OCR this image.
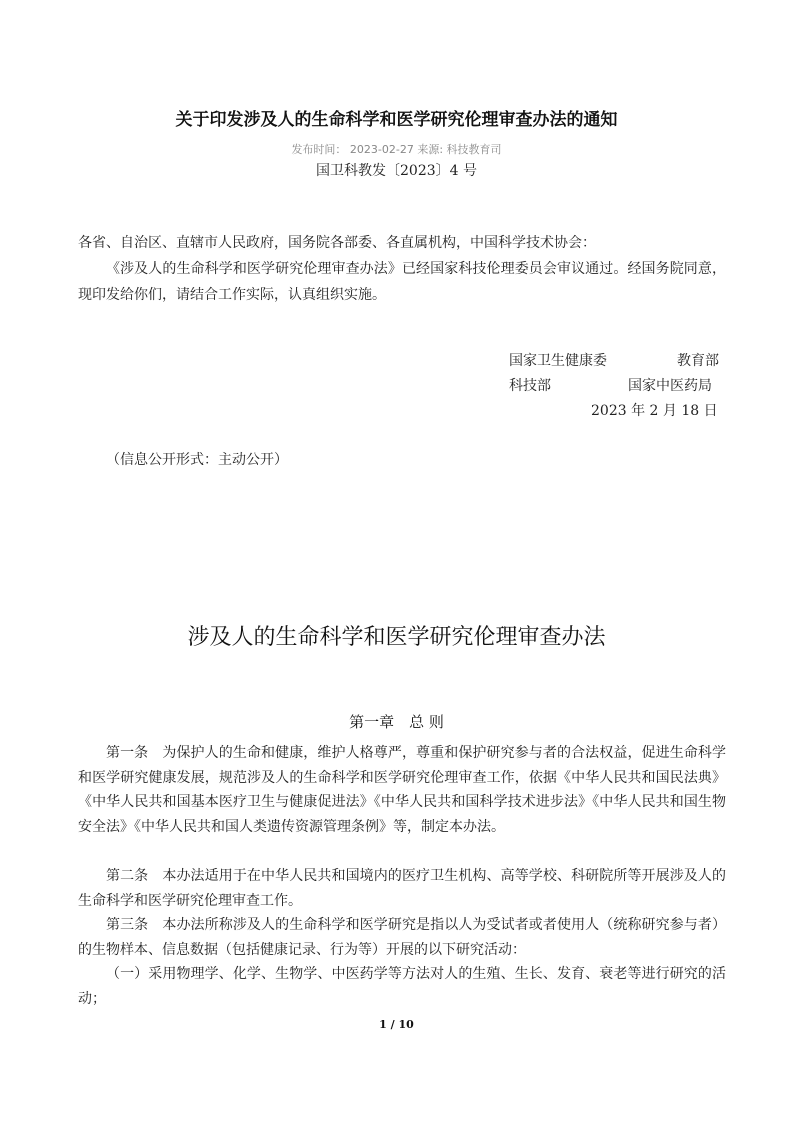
关于印发涉及人的生命科学和医学研究伦理审查办法的通知
发布时间： 2023-02-27 来源: 科技教育司
国卫科教发〔2023〕4 号

各省、自治区、直辖市人民政府，国务院各部委、各直属机构，中国科学技术协会：

《涉及人的生命科学和医学研究伦理审查办法》已经国家科技伦理委员会审议通过。经国务院同意，现印发给你们，请结合工作实际，认真组织实施。

国家卫生健康委	教育部
科技部	国家中医药局
2023 年 2 月 18 日
（信息公开形式：主动公开）
涉及人的生命科学和医学研究伦理审查办法
第一章　总 则

第一条　为保护人的生命和健康，维护人格尊严，尊重和保护研究参与者的合法权益，促进生命科学和医学研究健康发展，规范涉及人的生命科学和医学研究伦理审查工作，依据《中华人民共和国民法典》《中华人民共和国基本医疗卫生与健康促进法》《中华人民共和国科学技术进步法》《中华人民共和国生物安全法》《中华人民共和国人类遗传资源管理条例》等，制定本办法。

第二条　本办法适用于在中华人民共和国境内的医疗卫生机构、高等学校、科研院所等开展涉及人的生命科学和医学研究伦理审查工作。

第三条　本办法所称涉及人的生命科学和医学研究是指以人为受试者或者使用人（统称研究参与者）的生物样本、信息数据（包括健康记录、行为等）开展的以下研究活动：

（一）采用物理学、化学、生物学、中医药学等方法对人的生殖、生长、发育、衰老等进行研究的活动；

1 / 10
